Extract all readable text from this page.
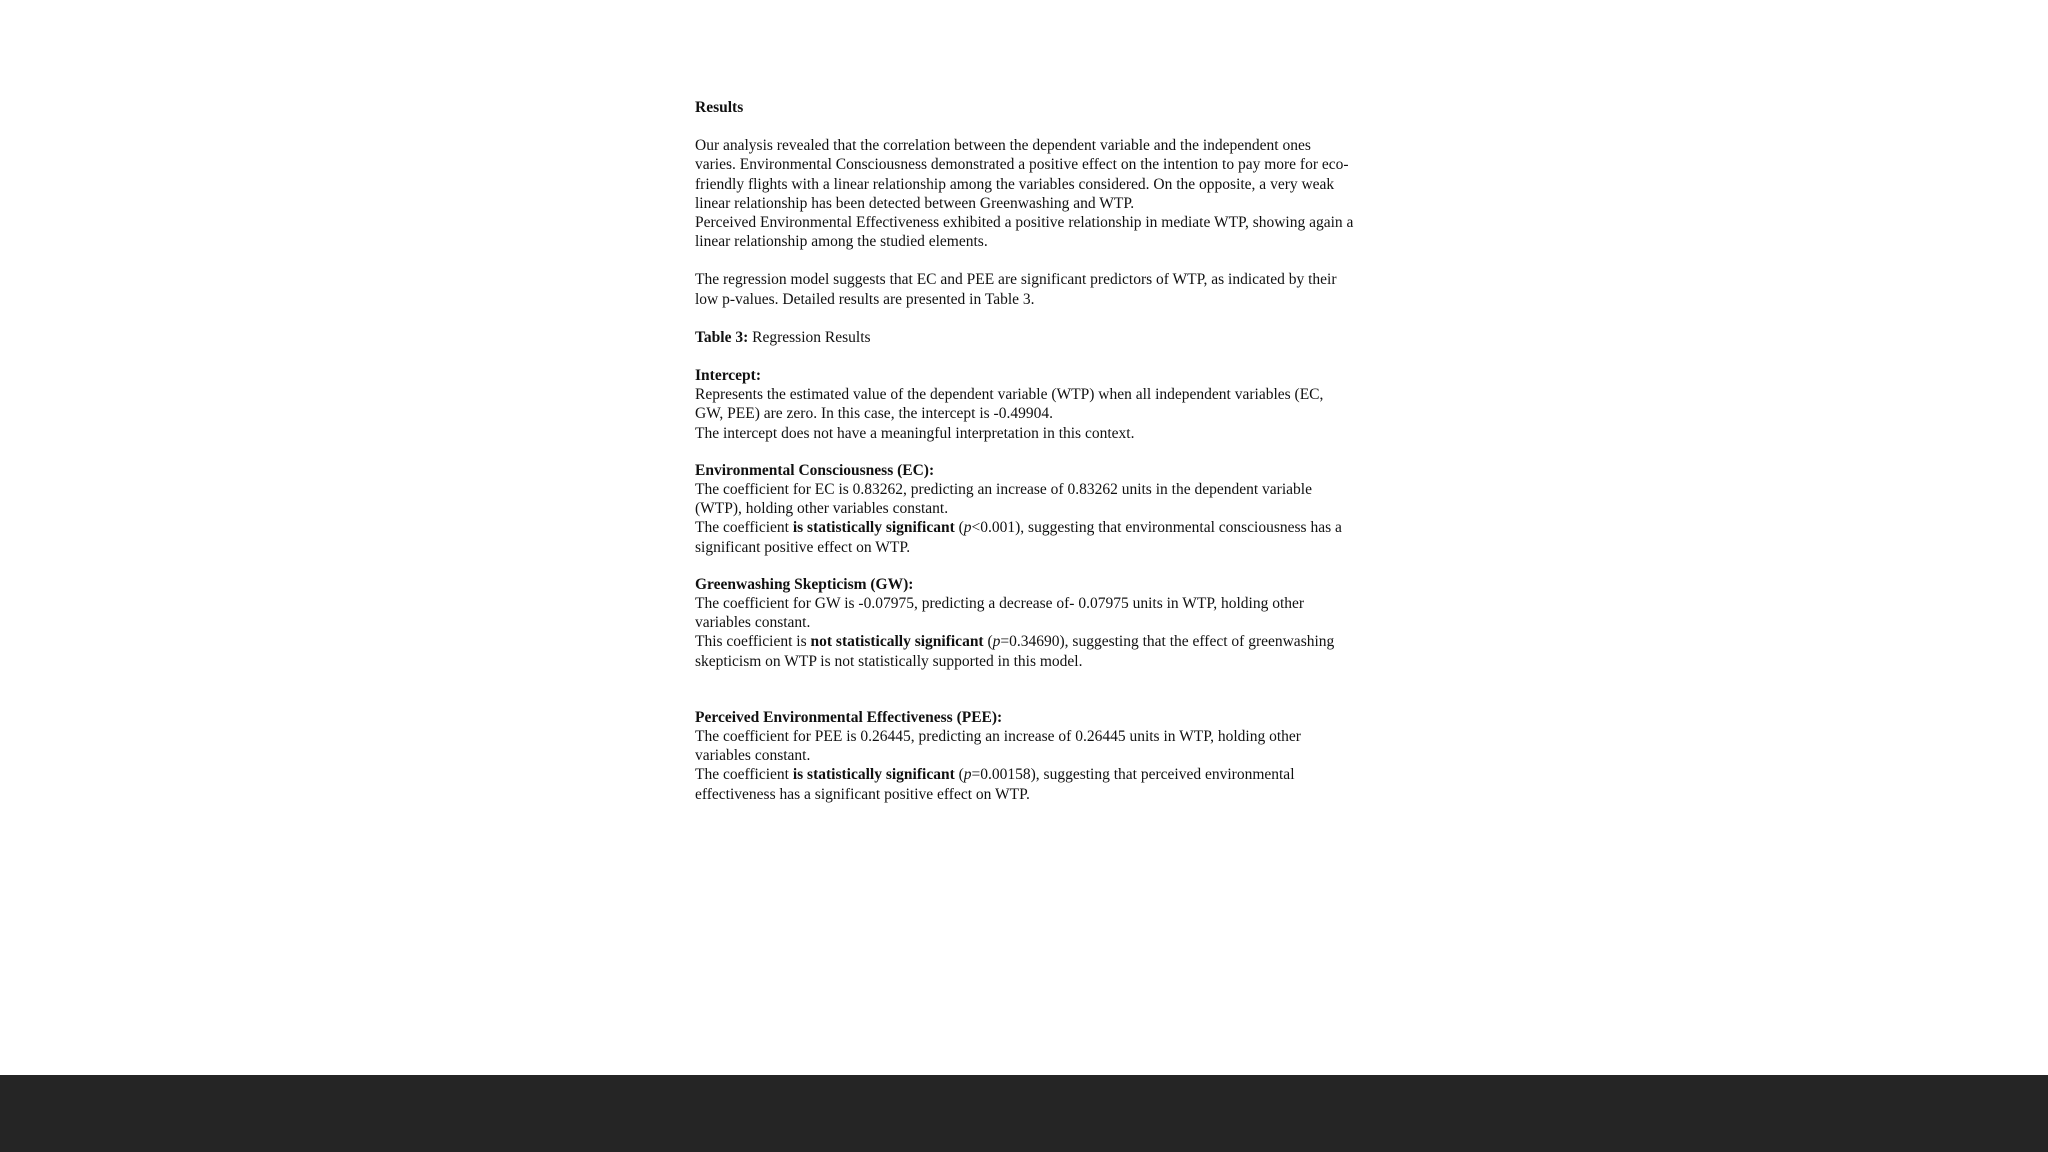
Results

Our analysis revealed that the correlation between the dependent variable and the independent ones varies. Environmental Consciousness demonstrated a positive effect on the intention to pay more for eco-friendly flights with a linear relationship among the variables considered. On the opposite, a very weak linear relationship has been detected between Greenwashing and WTP.
Perceived Environmental Effectiveness exhibited a positive relationship in mediate WTP, showing again a linear relationship among the studied elements.

The regression model suggests that EC and PEE are significant predictors of WTP, as indicated by their low p-values. Detailed results are presented in Table 3.

Table 3: Regression Results

Intercept:
Represents the estimated value of the dependent variable (WTP) when all independent variables (EC, GW, PEE) are zero. In this case, the intercept is -0.49904.
The intercept does not have a meaningful interpretation in this context.
Environmental Consciousness (EC):
The coefficient for EC is 0.83262, predicting an increase of 0.83262 units in the dependent variable (WTP), holding other variables constant.
The coefficient is statistically significant (p<0.001), suggesting that environmental consciousness has a significant positive effect on WTP.
Greenwashing Skepticism (GW):
The coefficient for GW is -0.07975, predicting a decrease of- 0.07975 units in WTP, holding other variables constant.
This coefficient is not statistically significant (p=0.34690), suggesting that the effect of greenwashing skepticism on WTP is not statistically supported in this model.
Perceived Environmental Effectiveness (PEE):
The coefficient for PEE is 0.26445, predicting an increase of 0.26445 units in WTP, holding other variables constant.
The coefficient is statistically significant (p=0.00158), suggesting that perceived environmental effectiveness has a significant positive effect on WTP.
